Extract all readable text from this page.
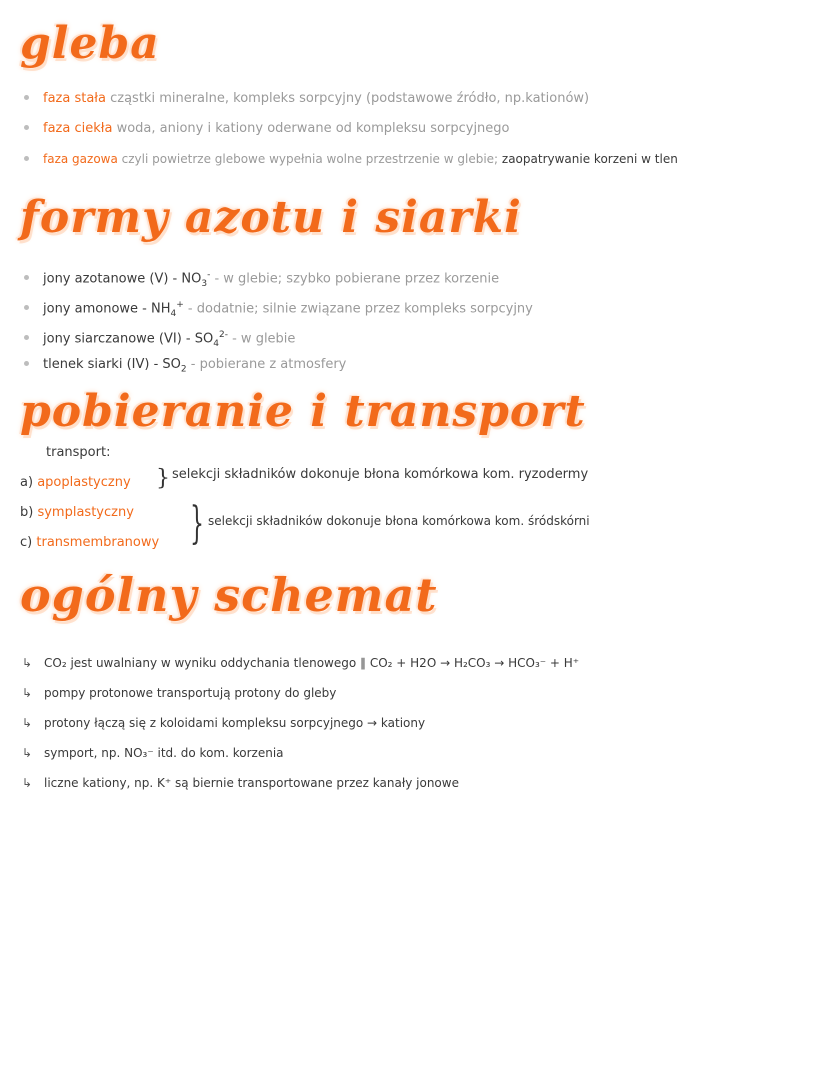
gleba
faza stała cząstki mineralne, kompleks sorpcyjny (podstawowe źródło, np.kationów)
faza ciekła woda, aniony i kationy oderwane od kompleksu sorpcyjnego
faza gazowa czyli powietrze glebowe wypełnia wolne przestrzenie w glebie; zaopatrywanie korzeni w tlen
formy azotu i siarki
jony azotanowe $(V) - NO_3^-$ - w glebie; szybko pobierane przez korzenie
jony amonowe - $NH_4^+$ - dodatnie; silnie związane przez kompleks sorpcyjny
jony siarczanowe $(VI) - SO_4^{2-}$ - w glebie
tlenek siarki $(IV) - SO_2$ - pobierane z atmosfery
pobieranie i transport
transport:
a) apoplastyczny } selekcji składników dokonuje błona komórkowa kom. ryzodermy
b) symplastyczny
c) transmembranowy } selekcji składników dokonuje błona komórkowa kom. śródskórni
ogólny schemat
↳ CO₂ jest uwalniany w wyniku oddychania tlenowego ∥ CO₂ + H2O → H₂CO₃ → HCO₃⁻ + H⁺
↳ pompy protonowe transportują protony do gleby
↳ protony łączą się z koloidami kompleksu sorpcyjnego → kationy
↳ symport, np. NO₃⁻ itd. do kom. korzenia
↳ liczne kationy, np. K⁺ są biernie transportowane przez kanały jonowe
